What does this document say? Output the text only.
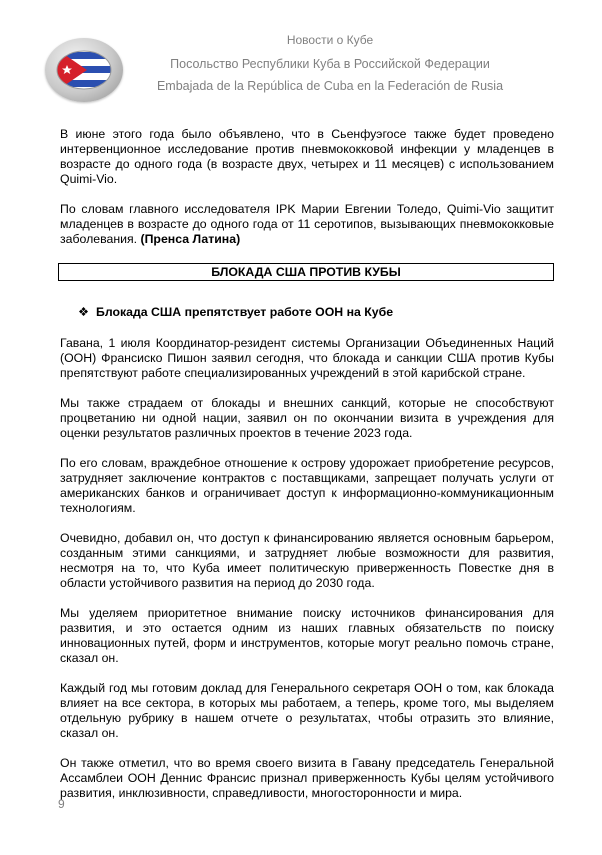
Новости о Кубе
Посольство Республики Куба в Российской Федерации
Embajada de la República de Cuba en la Federación de Rusia

В июне этого года было объявлено, что в Сьенфуэгосе также будет проведено интервенционное исследование против пневмококковой инфекции у младенцев в возрасте до одного года (в возрасте двух, четырех и 11 месяцев) с использованием Quimi-Vio.

По словам главного исследователя IPK Марии Евгении Толедо, Quimi-Vio защитит младенцев в возрасте до одного года от 11 серотипов, вызывающих пневмококковые заболевания. (Пренса Латина)

БЛОКАДА США ПРОТИВ КУБЫ
❖ Блокада США препятствует работе ООН на Кубе

Гавана, 1 июля Координатор-резидент системы Организации Объединенных Наций (ООН) Франсиско Пишон заявил сегодня, что блокада и санкции США против Кубы препятствуют работе специализированных учреждений в этой карибской стране.

Мы также страдаем от блокады и внешних санкций, которые не способствуют процветанию ни одной нации, заявил он по окончании визита в учреждения для оценки результатов различных проектов в течение 2023 года.

По его словам, враждебное отношение к острову удорожает приобретение ресурсов, затрудняет заключение контрактов с поставщиками, запрещает получать услуги от американских банков и ограничивает доступ к информационно-коммуникационным технологиям.

Очевидно, добавил он, что доступ к финансированию является основным барьером, созданным этими санкциями, и затрудняет любые возможности для развития, несмотря на то, что Куба имеет политическую приверженность Повестке дня в области устойчивого развития на период до 2030 года.

Мы уделяем приоритетное внимание поиску источников финансирования для развития, и это остается одним из наших главных обязательств по поиску инновационных путей, форм и инструментов, которые могут реально помочь стране, сказал он.

Каждый год мы готовим доклад для Генерального секретаря ООН о том, как блокада влияет на все сектора, в которых мы работаем, а теперь, кроме того, мы выделяем отдельную рубрику в нашем отчете о результатах, чтобы отразить это влияние, сказал он.

Он также отметил, что во время своего визита в Гавану председатель Генеральной Ассамблеи ООН Деннис Франсис признал приверженность Кубы целям устойчивого развития, инклюзивности, справедливости, многосторонности и мира.

9
